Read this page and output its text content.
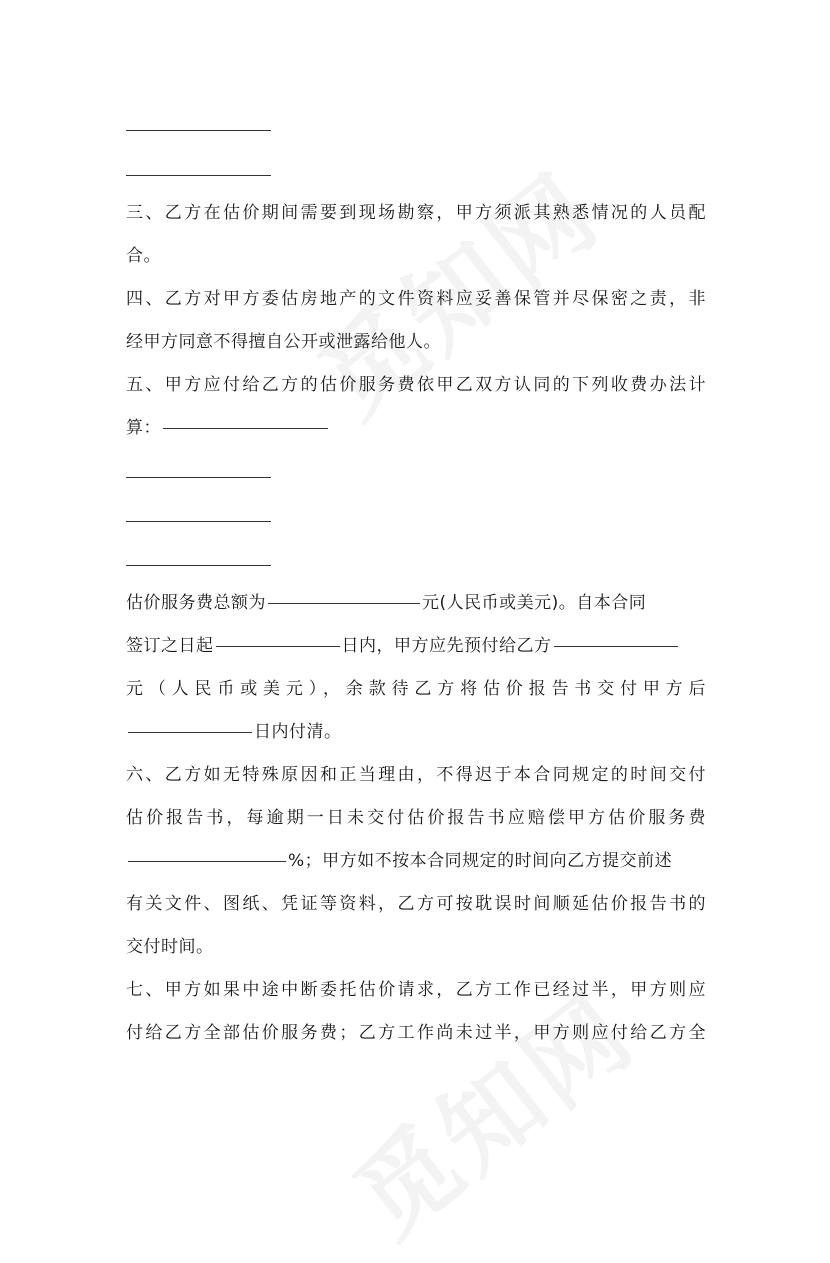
三、乙方在估价期间需要到现场勘察，甲方须派其熟悉情况的人员配
合。
四、乙方对甲方委估房地产的文件资料应妥善保管并尽保密之责，非
经甲方同意不得擅自公开或泄露给他人。
五、甲方应付给乙方的估价服务费依甲乙双方认同的下列收费办法计
算：
估价服务费总额为	元(人民币或美元)。自本合同
签订之日起	日内，甲方应先预付给乙方
元（人民币或美元），余款待乙方将估价报告书交付甲方后
日内付清。
六、乙方如无特殊原因和正当理由，不得迟于本合同规定的时间交付
估价报告书，每逾期一日未交付估价报告书应赔偿甲方估价服务费
%；甲方如不按本合同规定的时间向乙方提交前述
有关文件、图纸、凭证等资料，乙方可按耽误时间顺延估价报告书的
交付时间。
七、甲方如果中途中断委托估价请求，乙方工作已经过半，甲方则应
付给乙方全部估价服务费；乙方工作尚未过半，甲方则应付给乙方全
